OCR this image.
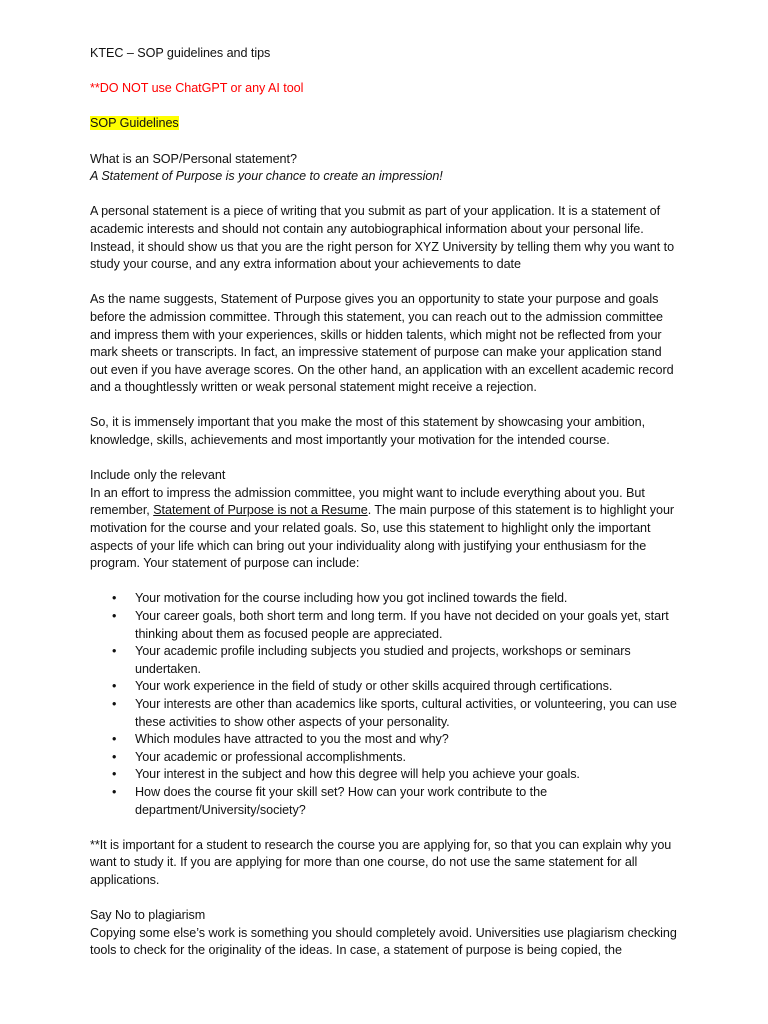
KTEC – SOP guidelines and tips

**DO NOT use ChatGPT or any AI tool

SOP Guidelines

What is an SOP/Personal statement?

A Statement of Purpose is your chance to create an impression!

A personal statement is a piece of writing that you submit as part of your application. It is a statement of academic interests and should not contain any autobiographical information about your personal life. Instead, it should show us that you are the right person for XYZ University by telling them why you want to study your course, and any extra information about your achievements to date

As the name suggests, Statement of Purpose gives you an opportunity to state your purpose and goals before the admission committee. Through this statement, you can reach out to the admission committee and impress them with your experiences, skills or hidden talents, which might not be reflected from your mark sheets or transcripts. In fact, an impressive statement of purpose can make your application stand out even if you have average scores. On the other hand, an application with an excellent academic record and a thoughtlessly written or weak personal statement might receive a rejection.

So, it is immensely important that you make the most of this statement by showcasing your ambition, knowledge, skills, achievements and most importantly your motivation for the intended course.

Include only the relevant

In an effort to impress the admission committee, you might want to include everything about you. But remember, Statement of Purpose is not a Resume. The main purpose of this statement is to highlight your motivation for the course and your related goals. So, use this statement to highlight only the important aspects of your life which can bring out your individuality along with justifying your enthusiasm for the program. Your statement of purpose can include:

• Your motivation for the course including how you got inclined towards the field.
• Your career goals, both short term and long term. If you have not decided on your goals yet, start thinking about them as focused people are appreciated.
• Your academic profile including subjects you studied and projects, workshops or seminars undertaken.
• Your work experience in the field of study or other skills acquired through certifications.
• Your interests are other than academics like sports, cultural activities, or volunteering, you can use these activities to show other aspects of your personality.
• Which modules have attracted to you the most and why?
• Your academic or professional accomplishments.
• Your interest in the subject and how this degree will help you achieve your goals.
• How does the course fit your skill set? How can your work contribute to the department/University/society?

**It is important for a student to research the course you are applying for, so that you can explain why you want to study it. If you are applying for more than one course, do not use the same statement for all applications.

Say No to plagiarism

Copying some else’s work is something you should completely avoid. Universities use plagiarism checking tools to check for the originality of the ideas. In case, a statement of purpose is being copied, the
